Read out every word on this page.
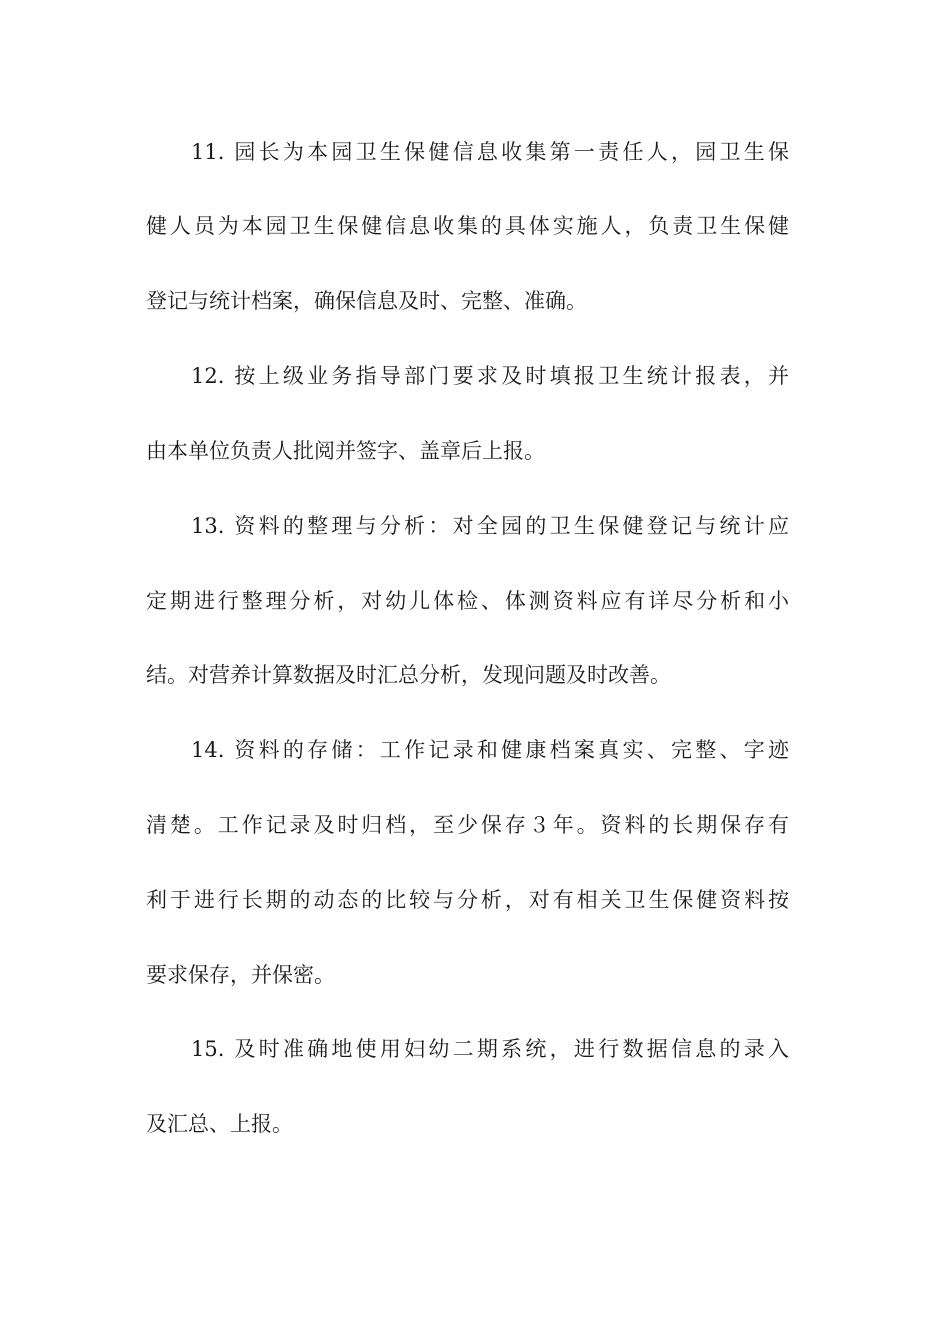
11. 园长为本园卫生保健信息收集第一责任人，园卫生保
健人员为本园卫生保健信息收集的具体实施人，负责卫生保健
登记与统计档案，确保信息及时、完整、准确。
12. 按上级业务指导部门要求及时填报卫生统计报表，并
由本单位负责人批阅并签字、盖章后上报。
13. 资料的整理与分析：对全园的卫生保健登记与统计应
定期进行整理分析，对幼儿体检、体测资料应有详尽分析和小
结。对营养计算数据及时汇总分析，发现问题及时改善。
14. 资料的存储：工作记录和健康档案真实、完整、字迹
清楚。工作记录及时归档，至少保存３年。资料的长期保存有
利于进行长期的动态的比较与分析，对有相关卫生保健资料按
要求保存，并保密。
15. 及时准确地使用妇幼二期系统，进行数据信息的录入
及汇总、上报。
